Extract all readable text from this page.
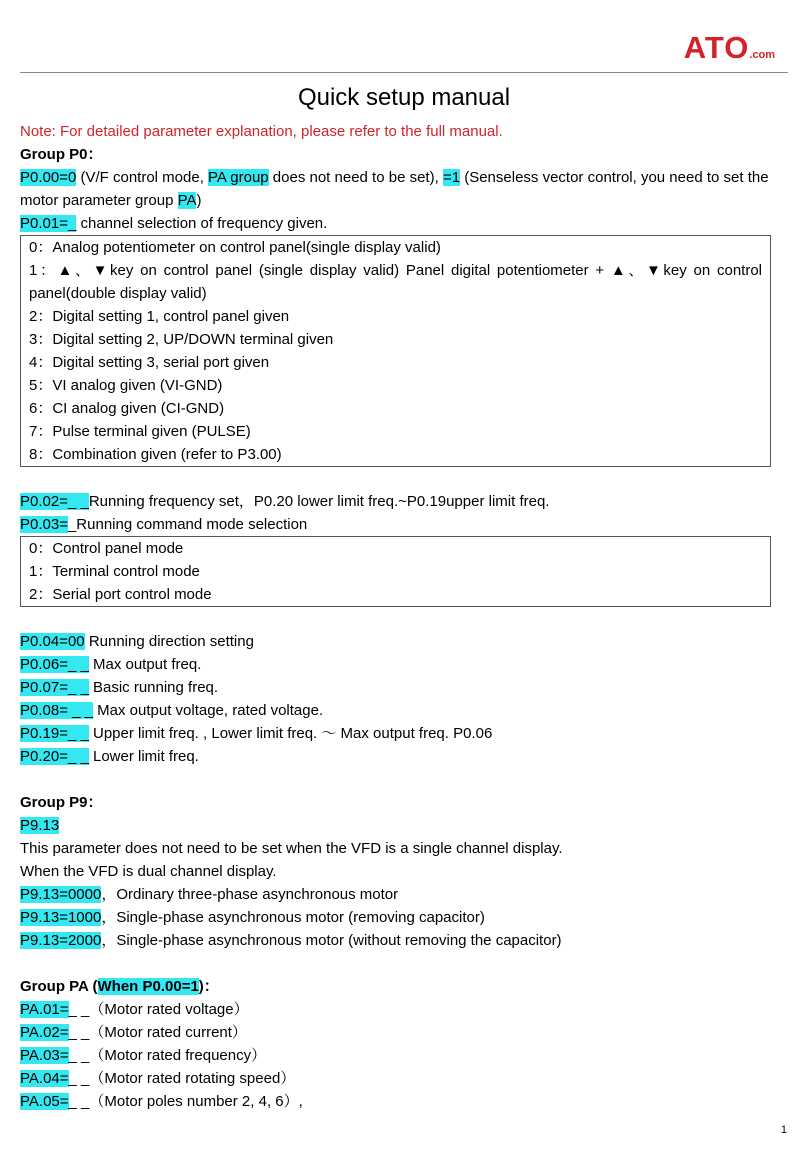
ATO.com
Quick setup manual
Note: For detailed parameter explanation, please refer to the full manual.
Group P0：
P0.00=0 (V/F control mode, PA group does not need to be set), =1 (Senseless vector control, you need to set the motor parameter group PA)
P0.01=_ channel selection of frequency given.
0：Analog potentiometer on control panel(single display valid)
1：▲、▼key on control panel (single display valid) Panel digital potentiometer + ▲、▼key on control
panel(double display valid)
2：Digital setting 1, control panel given
3：Digital setting 2, UP/DOWN terminal given
4：Digital setting 3, serial port given
5：VI analog given (VI-GND)
6：CI analog given (CI-GND)
7：Pulse terminal given (PULSE)
8：Combination given (refer to P3.00)
P0.02=_ _Running frequency set，P0.20 lower limit freq.~P0.19upper limit freq.
P0.03=_Running command mode selection
0：Control panel mode
1：Terminal control mode
2：Serial port control mode
P0.04=00 Running direction setting
P0.06=_ _ Max output freq.
P0.07=_ _ Basic running freq.
P0.08= _ _ Max output voltage, rated voltage.
P0.19=_ _ Upper limit freq. , Lower limit freq. ～ Max output freq. P0.06
P0.20=_ _ Lower limit freq.
Group P9：
P9.13
This parameter does not need to be set when the VFD is a single channel display.
When the VFD is dual channel display.
P9.13=0000，Ordinary three-phase asynchronous motor
P9.13=1000，Single-phase asynchronous motor (removing capacitor)
P9.13=2000，Single-phase asynchronous motor (without removing the capacitor)
Group PA (When P0.00=1)：
PA.01=_ _（Motor rated voltage）
PA.02=_ _（Motor rated current）
PA.03=_ _（Motor rated frequency）
PA.04=_ _（Motor rated rotating speed）
PA.05=_ _（Motor poles number 2, 4, 6）,
1
